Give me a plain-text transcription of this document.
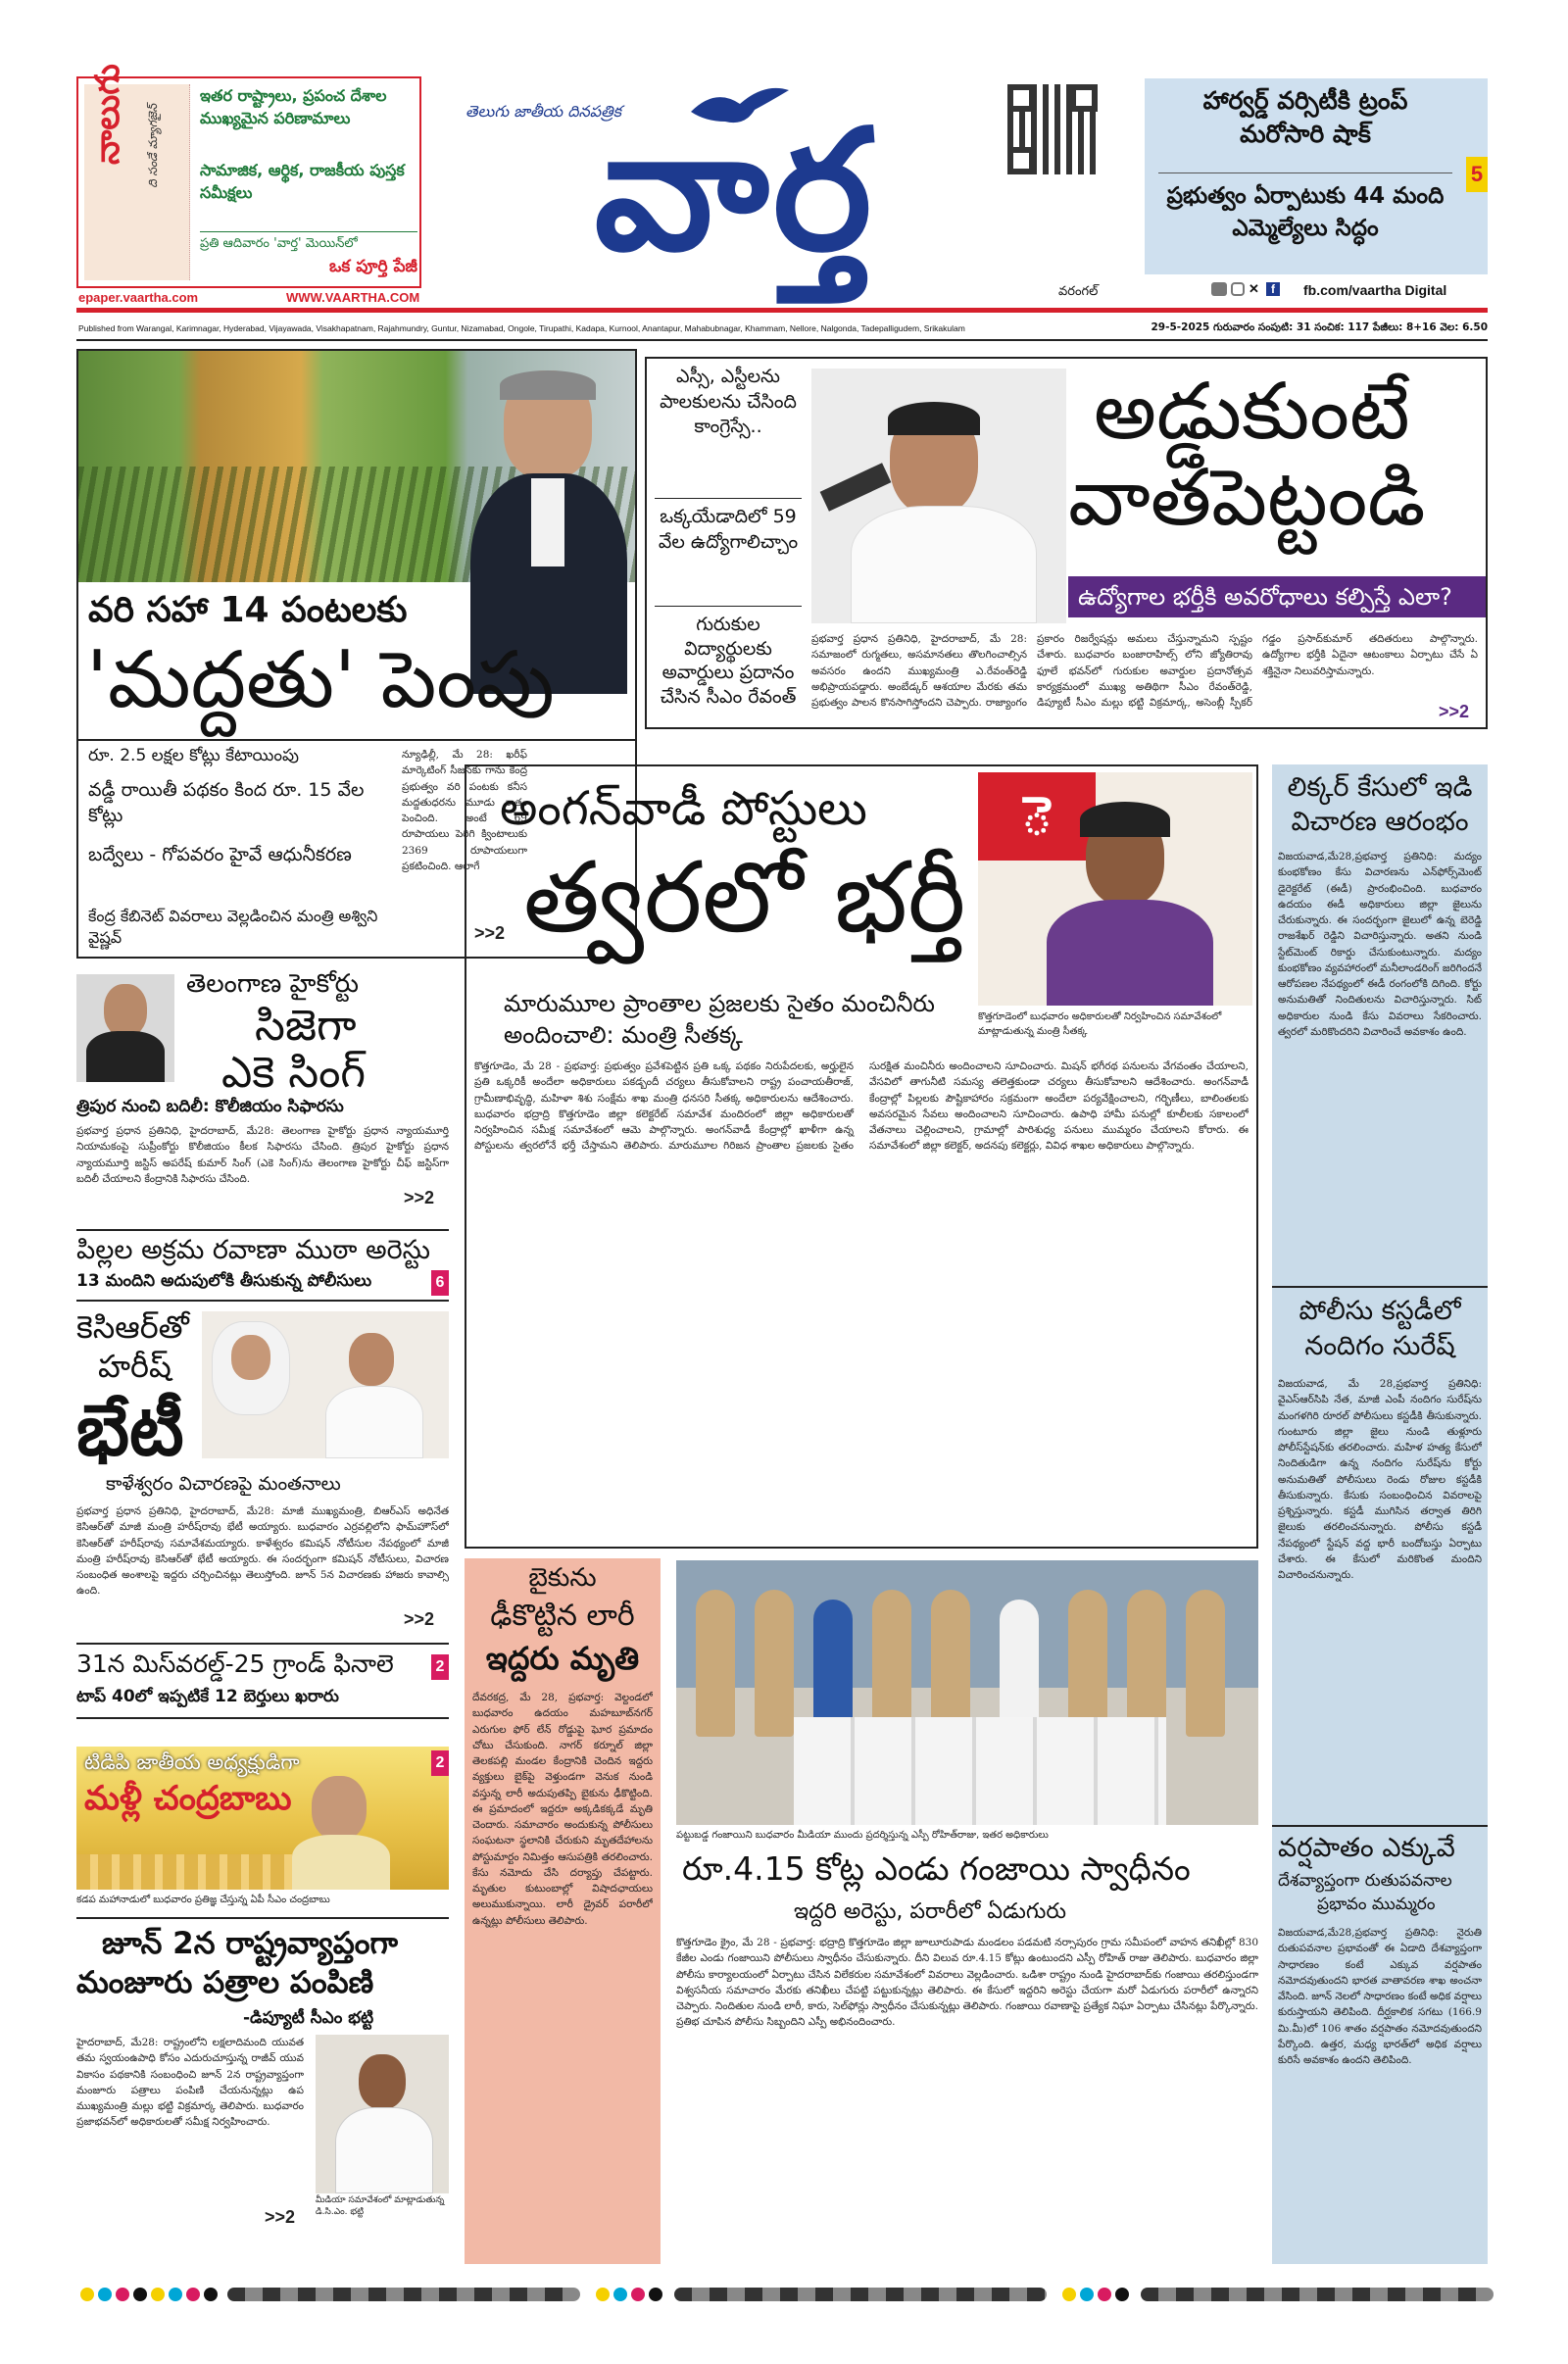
నాలుగు	ది సండే మ్యాగజైన్
ఇతర రాష్ట్రాలు, ప్రపంచ దేశాల ముఖ్యమైన పరిణామాలు
సామాజిక, ఆర్థిక, రాజకీయ పుస్తక సమీక్షలు
ప్రతి ఆదివారం 'వార్త' మెయిన్‌లో
ఒక పూర్తి పేజీ
epaper.vaartha.com	WWW.VAARTHA.COM
తెలుగు జాతీయ దినపత్రిక
వార్త	హార్వర్డ్ వర్సిటీకి ట్రంప్ మరోసారి షాక్
ప్రభుత్వం ఏర్పాటుకు 44 మంది ఎమ్మెల్యేలు సిద్ధం
5
వరంగల్	✕	f	fb.com/vaartha Digital
Published from Warangal, Karimnagar, Hyderabad, Vijayawada, Visakhapatnam, Rajahmundry, Guntur, Nizamabad, Ongole, Tirupathi, Kadapa, Kurnool, Anantapur, Mahabubnagar, Khammam, Nellore, Nalgonda, Tadepalligudem, Srikakulam	29-5-2025 గురువారం సంపుటి: 31 సంచిక: 117 పేజీలు: 8+16 వెల: 6.50
వరి సహా 14 పంటలకు
'మద్దతు' పెంపు
రూ. 2.5 లక్షల కోట్లు కేటాయింపు
వడ్డీ రాయితీ పథకం కింద రూ. 15 వేల కోట్లు
బద్వేలు - గోపవరం హైవే ఆధునీకరణ
కేంద్ర కేబినెట్ వివరాలు వెల్లడించిన మంత్రి అశ్విని వైష్ణవ్
న్యూఢిల్లీ, మే 28: ఖరీఫ్ మార్కెటింగ్ సీజన్‌కు గాను కేంద్ర ప్రభుత్వం వరి పంటకు కనీస మద్దతుధరను మూడు శాతం పెంచింది. అంటే 69 రూపాయలు పెరిగి క్వింటాలుకు 2369 రూపాయలుగా ప్రకటించింది. ఆలాగే
>>2
ఎస్సీ, ఎస్టీలను పాలకులను చేసింది కాంగ్రెస్సే..
ఒక్కయేడాదిలో 59 వేల ఉద్యోగాలిచ్చాం
గురుకుల విద్యార్థులకు అవార్డులు ప్రదానం చేసిన సీఎం రేవంత్
అడ్డుకుంటే
వాతపెట్టండి
ఉద్యోగాల భర్తీకి అవరోధాలు కల్పిస్తే ఎలా?
ప్రభవార్త ప్రధాన ప్రతినిధి, హైదరాబాద్, మే 28: సమాజంలో రుగ్మతలు, అసమానతలు తొలగించాల్సిన అవసరం ఉందని ముఖ్యమంత్రి ఎ.రేవంత్‌రెడ్డి అభిప్రాయపడ్డారు. అంబేడ్కర్ ఆశయాల మేరకు తమ ప్రభుత్వం పాలన కొనసాగిస్తోందని చెప్పారు. రాజ్యాంగం ప్రకారం రిజర్వేషన్లు అమలు చేస్తున్నామని స్పష్టం చేశారు. బుధవారం బంజారాహిల్స్ లోని జ్యోతిరావు ఫూలే భవన్‌లో గురుకుల అవార్డుల ప్రదానోత్సవ కార్యక్రమంలో ముఖ్య అతిథిగా సీఎం రేవంత్‌రెడ్డి, డిప్యూటీ సీఎం మల్లు భట్టి విక్రమార్క, అసెంబ్లీ స్పీకర్ గడ్డం ప్రసాద్‌కుమార్ తదితరులు పాల్గొన్నారు. ఉద్యోగాల భర్తీకి ఏదైనా ఆటంకాలు ఏర్పాటు చేసే ఏ శక్తినైనా నిలువరిస్తామన్నారు.
>>2
తెలంగాణ హైకోర్టు
సిజెగా
ఎకె సింగ్
త్రిపుర నుంచి బదిలీ: కొలీజియం సిఫారసు
ప్రభవార్త ప్రధాన ప్రతినిధి, హైదరాబాద్, మే28: తెలంగాణ హైకోర్టు ప్రధాన న్యాయమూర్తి నియామకంపై సుప్రీంకోర్టు కొలీజియం కీలక సిఫారసు చేసింది. త్రిపుర హైకోర్టు ప్రధాన న్యాయమూర్తి జస్టిస్ అపరేష్ కుమార్ సింగ్ (ఎకె సింగ్)ను తెలంగాణ హైకోర్టు చీఫ్ జస్టిస్‌గా బదిలీ చేయాలని కేంద్రానికి సిఫారసు చేసింది.
>>2
పిల్లల అక్రమ రవాణా ముఠా అరెస్టు
13 మందిని అదుపులోకి తీసుకున్న పోలీసులు	6
కెసిఆర్‌తో
హరీష్
భేటీ
కాళేశ్వరం విచారణపై మంతనాలు
ప్రభవార్త ప్రధాన ప్రతినిధి, హైదరాబాద్, మే28: మాజీ ముఖ్యమంత్రి, బిఆర్‌ఎస్ అధినేత కెసిఆర్‌తో మాజీ మంత్రి హరీష్‌రావు భేటీ అయ్యారు. బుధవారం ఎర్రవల్లిలోని ఫామ్‌హౌస్‌లో కెసిఆర్‌తో హరీష్‌రావు సమావేశమయ్యారు. కాళేశ్వరం కమిషన్ నోటీసుల నేపథ్యంలో మాజీ మంత్రి హరీష్‌రావు కెసిఆర్‌తో భేటీ అయ్యారు. ఈ సందర్భంగా కమిషన్ నోటీసులు, విచారణ సంబంధిత అంశాలపై ఇద్దరు చర్చించినట్లు తెలుస్తోంది. జూన్ 5న విచారణకు హాజరు కావాల్సి ఉంది.
>>2
31న మిస్‌వరల్డ్-25 గ్రాండ్ ఫినాలె
టాప్ 40లో ఇప్పటికే 12 బెర్తులు ఖరారు
2
టిడిపి జాతీయ అధ్యక్షుడిగా
మళ్లీ చంద్రబాబు
2
కడప మహానాడులో బుధవారం ప్రతిజ్ఞ చేస్తున్న ఏపీ సీఎం చంద్రబాబు
జూన్ 2న రాష్ట్రవ్యాప్తంగా
మంజూరు పత్రాల పంపిణి
-డిప్యూటీ సీఎం భట్టి
హైదరాబాద్, మే28: రాష్ట్రంలోని లక్షలాదిమంది యువత తమ స్వయంఉపాధి కోసం ఎదురుచూస్తున్న రాజీవ్ యువ వికాసం పథకానికి సంబంధించి జూన్ 2న రాష్ట్రవ్యాప్తంగా మంజూరు పత్రాలు పంపిణి చేయనున్నట్లు ఉప ముఖ్యమంత్రి మల్లు భట్టి విక్రమార్క తెలిపారు. బుధవారం ప్రజాభవన్‌లో అధికారులతో సమీక్ష నిర్వహించారు.
మీడియా సమావేశంలో మాట్లాడుతున్న డి.సి.ఎం. భట్టి
>>2
అంగన్‌వాడీ పోస్టులు
త్వరలో భర్తీ
ె
కొత్తగూడెంలో బుధవారం అధికారులతో నిర్వహించిన సమావేశంలో మాట్లాడుతున్న మంత్రి సీతక్క
మారుమూల ప్రాంతాల ప్రజలకు సైతం మంచినీరు అందించాలి: మంత్రి సీతక్క
కొత్తగూడెం, మే 28 - ప్రభవార్త: ప్రభుత్వం ప్రవేశపెట్టిన ప్రతి ఒక్క పథకం నిరుపేదలకు, అర్హులైన ప్రతి ఒక్కరికీ అందేలా అధికారులు పకడ్బందీ చర్యలు తీసుకోవాలని రాష్ట్ర పంచాయతీరాజ్, గ్రామీణాభివృద్ధి, మహిళా శిశు సంక్షేమ శాఖ మంత్రి ధనసరి సీతక్క అధికారులను ఆదేశించారు. బుధవారం భద్రాద్రి కొత్తగూడెం జిల్లా కలెక్టరేట్ సమావేశ మందిరంలో జిల్లా అధికారులతో నిర్వహించిన సమీక్ష సమావేశంలో ఆమె పాల్గొన్నారు. అంగన్‌వాడీ కేంద్రాల్లో ఖాళీగా ఉన్న పోస్టులను త్వరలోనే భర్తీ చేస్తామని తెలిపారు. మారుమూల గిరిజన ప్రాంతాల ప్రజలకు సైతం సురక్షిత మంచినీరు అందించాలని సూచించారు. మిషన్ భగీరథ పనులను వేగవంతం చేయాలని, వేసవిలో తాగునీటి సమస్య తలెత్తకుండా చర్యలు తీసుకోవాలని ఆదేశించారు. అంగన్‌వాడీ కేంద్రాల్లో పిల్లలకు పౌష్టికాహారం సక్రమంగా అందేలా పర్యవేక్షించాలని, గర్భిణీలు, బాలింతలకు అవసరమైన సేవలు అందించాలని సూచించారు. ఉపాధి హామీ పనుల్లో కూలీలకు సకాలంలో వేతనాలు చెల్లించాలని, గ్రామాల్లో పారిశుధ్య పనులు ముమ్మరం చేయాలని కోరారు. ఈ సమావేశంలో జిల్లా కలెక్టర్, అదనపు కలెక్టర్లు, వివిధ శాఖల అధికారులు పాల్గొన్నారు.
బైకును
ఢీకొట్టిన లారీ
ఇద్దరు మృతి
దేవరకద్ర, మే 28, ప్రభవార్త: వెల్దండలో బుధవారం ఉదయం మహబూబ్‌నగర్ ఎరుగుల ఫోర్ లేన్ రోడ్డుపై ఘోర ప్రమాదం చోటు చేసుకుంది. నాగర్ కర్నూల్ జిల్లా తెలకపల్లి మండల కేంద్రానికి చెందిన ఇద్దరు వ్యక్తులు బైక్‌పై వెళ్తుండగా వెనుక నుండి వస్తున్న లారీ అదుపుతప్పి బైకును ఢీకొట్టింది. ఈ ప్రమాదంలో ఇద్దరూ అక్కడికక్కడే మృతి చెందారు. సమాచారం అందుకున్న పోలీసులు సంఘటనా స్థలానికి చేరుకుని మృతదేహాలను పోస్టుమార్టం నిమిత్తం ఆసుపత్రికి తరలించారు. కేసు నమోదు చేసి దర్యాప్తు చేపట్టారు. మృతుల కుటుంబాల్లో విషాదఛాయలు అలుముకున్నాయి. లారీ డ్రైవర్ పరారీలో ఉన్నట్లు పోలీసులు తెలిపారు.
పట్టుబడ్డ గంజాయిని బుధవారం మీడియా ముందు ప్రదర్శిస్తున్న ఎస్పీ రోహిత్‌రాజు, ఇతర అధికారులు
రూ.4.15 కోట్ల ఎండు గంజాయి స్వాధీనం
ఇద్దరి అరెస్టు, పరారీలో ఏడుగురు
కొత్తగూడెం క్రైం, మే 28 - ప్రభవార్త: భద్రాద్రి కొత్తగూడెం జిల్లా జూలూరుపాడు మండలం పడమటి నర్సాపురం గ్రామ సమీపంలో వాహన తనిఖీల్లో 830 కేజీల ఎండు గంజాయిని పోలీసులు స్వాధీనం చేసుకున్నారు. దీని విలువ రూ.4.15 కోట్లు ఉంటుందని ఎస్పీ రోహిత్ రాజు తెలిపారు. బుధవారం జిల్లా పోలీసు కార్యాలయంలో ఏర్పాటు చేసిన విలేకరుల సమావేశంలో వివరాలు వెల్లడించారు. ఒడిశా రాష్ట్రం నుండి హైదరాబాద్‌కు గంజాయి తరలిస్తుండగా విశ్వసనీయ సమాచారం మేరకు తనిఖీలు చేపట్టి పట్టుకున్నట్లు తెలిపారు. ఈ కేసులో ఇద్దరిని అరెస్టు చేయగా మరో ఏడుగురు పరారీలో ఉన్నారని చెప్పారు. నిందితుల నుండి లారీ, కారు, సెల్‌ఫోన్లు స్వాధీనం చేసుకున్నట్లు తెలిపారు. గంజాయి రవాణాపై ప్రత్యేక నిఘా ఏర్పాటు చేసినట్లు పేర్కొన్నారు. ప్రతిభ చూపిన పోలీసు సిబ్బందిని ఎస్పీ అభినందించారు.
లిక్కర్ కేసులో ఇడి విచారణ ఆరంభం
విజయవాడ,మే28,ప్రభవార్త ప్రతినిధి: మద్యం కుంభకోణం కేసు విచారణను ఎన్‌ఫోర్స్‌మెంట్ డైరెక్టరేట్ (ఈడీ) ప్రారంభించింది. బుధవారం ఉదయం ఈడీ అధికారులు జిల్లా జైలును చేరుకున్నారు. ఈ సందర్భంగా జైలులో ఉన్న బెరెడ్డి రాజశేఖర్ రెడ్డిని విచారిస్తున్నారు. అతని నుండి స్టేట్‌మెంట్ రికార్డు చేసుకుంటున్నారు. మద్యం కుంభకోణం వ్యవహారంలో మనీలాండరింగ్ జరిగిందనే ఆరోపణల నేపథ్యంలో ఈడీ రంగంలోకి దిగింది. కోర్టు అనుమతితో నిందితులను విచారిస్తున్నారు. సిట్ అధికారుల నుండి కేసు వివరాలు సేకరించారు. త్వరలో మరికొందరిని విచారించే అవకాశం ఉంది.
పోలీసు కస్టడీలో నందిగం సురేష్
విజయవాడ, మే 28,ప్రభవార్త ప్రతినిధి: వైఎస్ఆర్‌సిపి నేత, మాజీ ఎంపీ నందిగం సురేష్‌ను మంగళగిరి రూరల్ పోలీసులు కస్టడీకి తీసుకున్నారు. గుంటూరు జిల్లా జైలు నుండి తుళ్లూరు పోలీస్‌స్టేషన్‌కు తరలించారు. మహిళ హత్య కేసులో నిందితుడిగా ఉన్న నందిగం సురేష్‌ను కోర్టు అనుమతితో పోలీసులు రెండు రోజుల కస్టడీకి తీసుకున్నారు. కేసుకు సంబంధించిన వివరాలపై ప్రశ్నిస్తున్నారు. కస్టడీ ముగిసిన తర్వాత తిరిగి జైలుకు తరలించనున్నారు. పోలీసు కస్టడీ నేపథ్యంలో స్టేషన్ వద్ద భారీ బందోబస్తు ఏర్పాటు చేశారు. ఈ కేసులో మరికొంత మందిని విచారించనున్నారు.
వర్షపాతం ఎక్కువే
దేశవ్యాప్తంగా రుతుపవనాల
ప్రభావం ముమ్మరం
విజయవాడ,మే28,ప్రభవార్త ప్రతినిధి: నైరుతి రుతుపవనాల ప్రభావంతో ఈ ఏడాది దేశవ్యాప్తంగా సాధారణం కంటే ఎక్కువ వర్షపాతం నమోదవుతుందని భారత వాతావరణ శాఖ అంచనా వేసింది. జూన్ నెలలో సాధారణం కంటే అధిక వర్షాలు కురుస్తాయని తెలిపింది. దీర్ఘకాలిక సగటు (166.9 మి.మీ)లో 106 శాతం వర్షపాతం నమోదవుతుందని పేర్కొంది. ఉత్తర, మధ్య భారత్‌లో అధిక వర్షాలు కురిసే అవకాశం ఉందని తెలిపింది.
